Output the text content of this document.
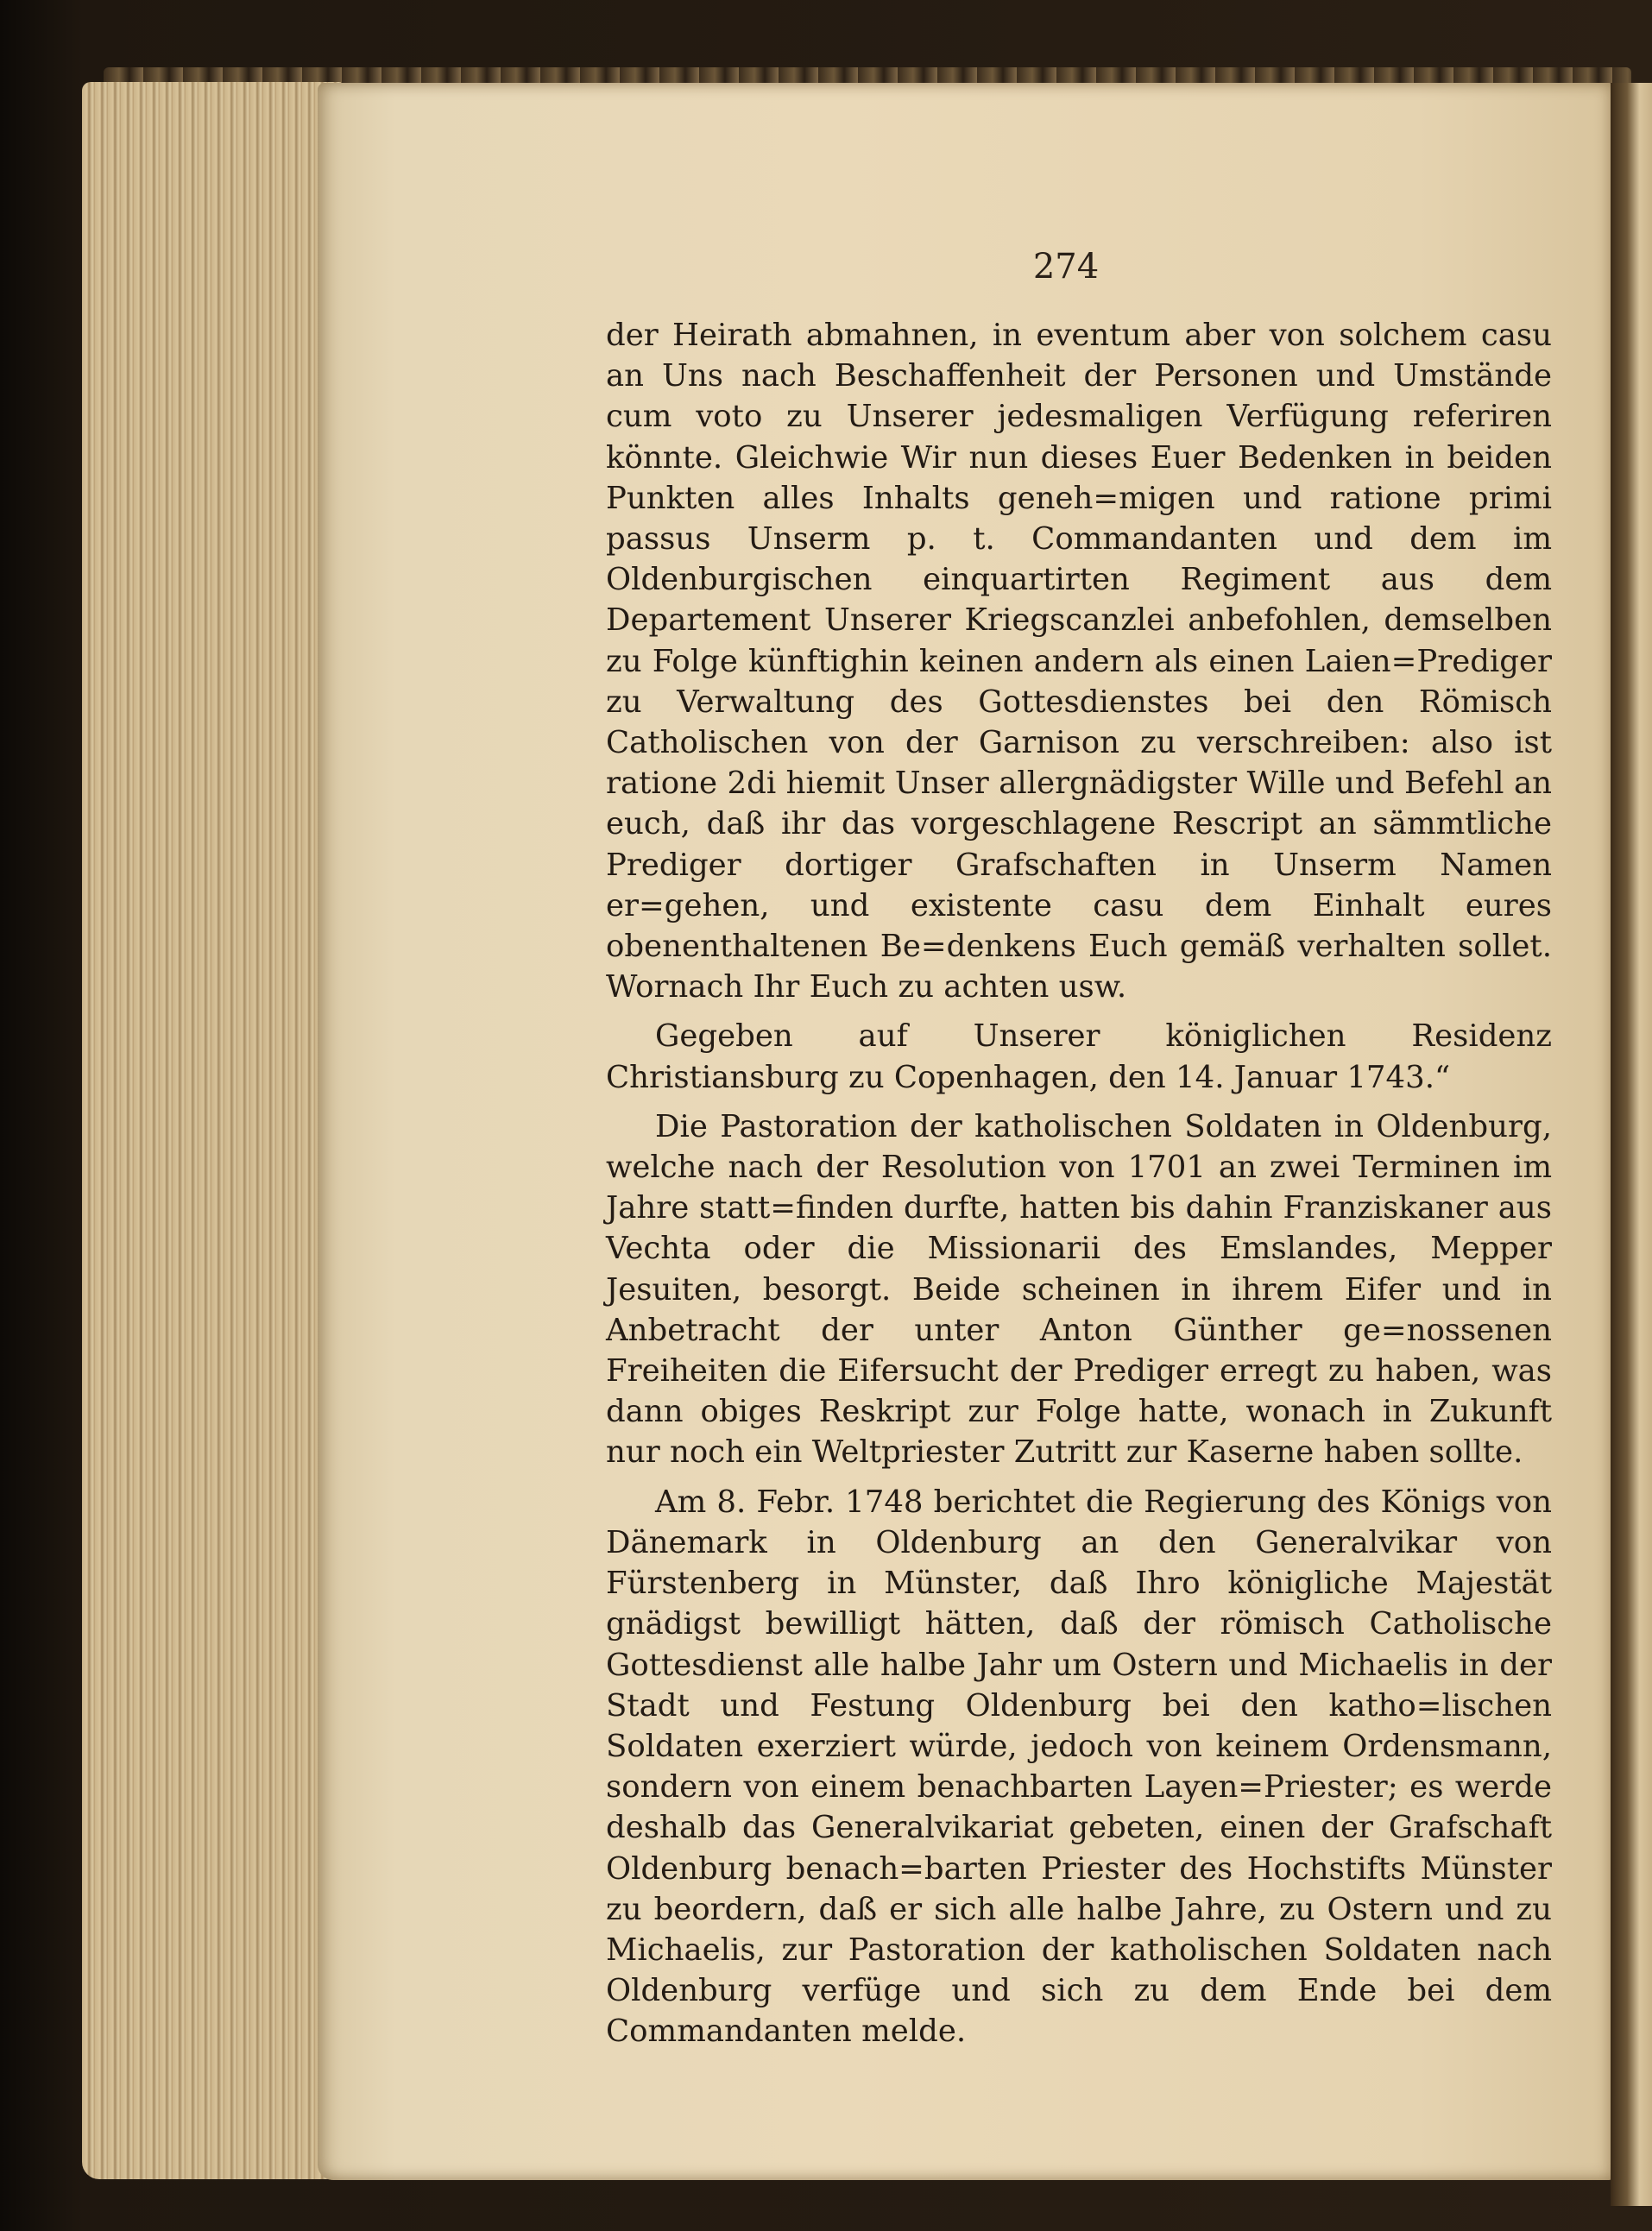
274

der Heirath abmahnen, in eventum aber von solchem casu an Uns nach Beschaffenheit der Personen und Umstände cum voto zu Unserer jedesmaligen Verfügung referiren könnte. Gleichwie Wir nun dieses Euer Bedenken in beiden Punkten alles Inhalts geneh=migen und ratione primi passus Unserm p. t. Commandanten und dem im Oldenburgischen einquartirten Regiment aus dem Departement Unserer Kriegscanzlei anbefohlen, demselben zu Folge künftighin keinen andern als einen Laien=Prediger zu Verwaltung des Gottesdienstes bei den Römisch Catholischen von der Garnison zu verschreiben: also ist ratione 2di hiemit Unser allergnädigster Wille und Befehl an euch, daß ihr das vorgeschlagene Rescript an sämmtliche Prediger dortiger Grafschaften in Unserm Namen er=gehen, und existente casu dem Einhalt eures obenenthaltenen Be=denkens Euch gemäß verhalten sollet. Wornach Ihr Euch zu achten usw.

Gegeben auf Unserer königlichen Residenz Christiansburg zu Copenhagen, den 14. Januar 1743.“

Die Pastoration der katholischen Soldaten in Oldenburg, welche nach der Resolution von 1701 an zwei Terminen im Jahre statt=finden durfte, hatten bis dahin Franziskaner aus Vechta oder die Missionarii des Emslandes, Mepper Jesuiten, besorgt. Beide scheinen in ihrem Eifer und in Anbetracht der unter Anton Günther ge=nossenen Freiheiten die Eifersucht der Prediger erregt zu haben, was dann obiges Reskript zur Folge hatte, wonach in Zukunft nur noch ein Weltpriester Zutritt zur Kaserne haben sollte.

Am 8. Febr. 1748 berichtet die Regierung des Königs von Dänemark in Oldenburg an den Generalvikar von Fürstenberg in Münster, daß Ihro königliche Majestät gnädigst bewilligt hätten, daß der römisch Catholische Gottesdienst alle halbe Jahr um Ostern und Michaelis in der Stadt und Festung Oldenburg bei den katho=lischen Soldaten exerziert würde, jedoch von keinem Ordensmann, sondern von einem benachbarten Layen=Priester; es werde deshalb das Generalvikariat gebeten, einen der Grafschaft Oldenburg benach=barten Priester des Hochstifts Münster zu beordern, daß er sich alle halbe Jahre, zu Ostern und zu Michaelis, zur Pastoration der katholischen Soldaten nach Oldenburg verfüge und sich zu dem Ende bei dem Commandanten melde.
